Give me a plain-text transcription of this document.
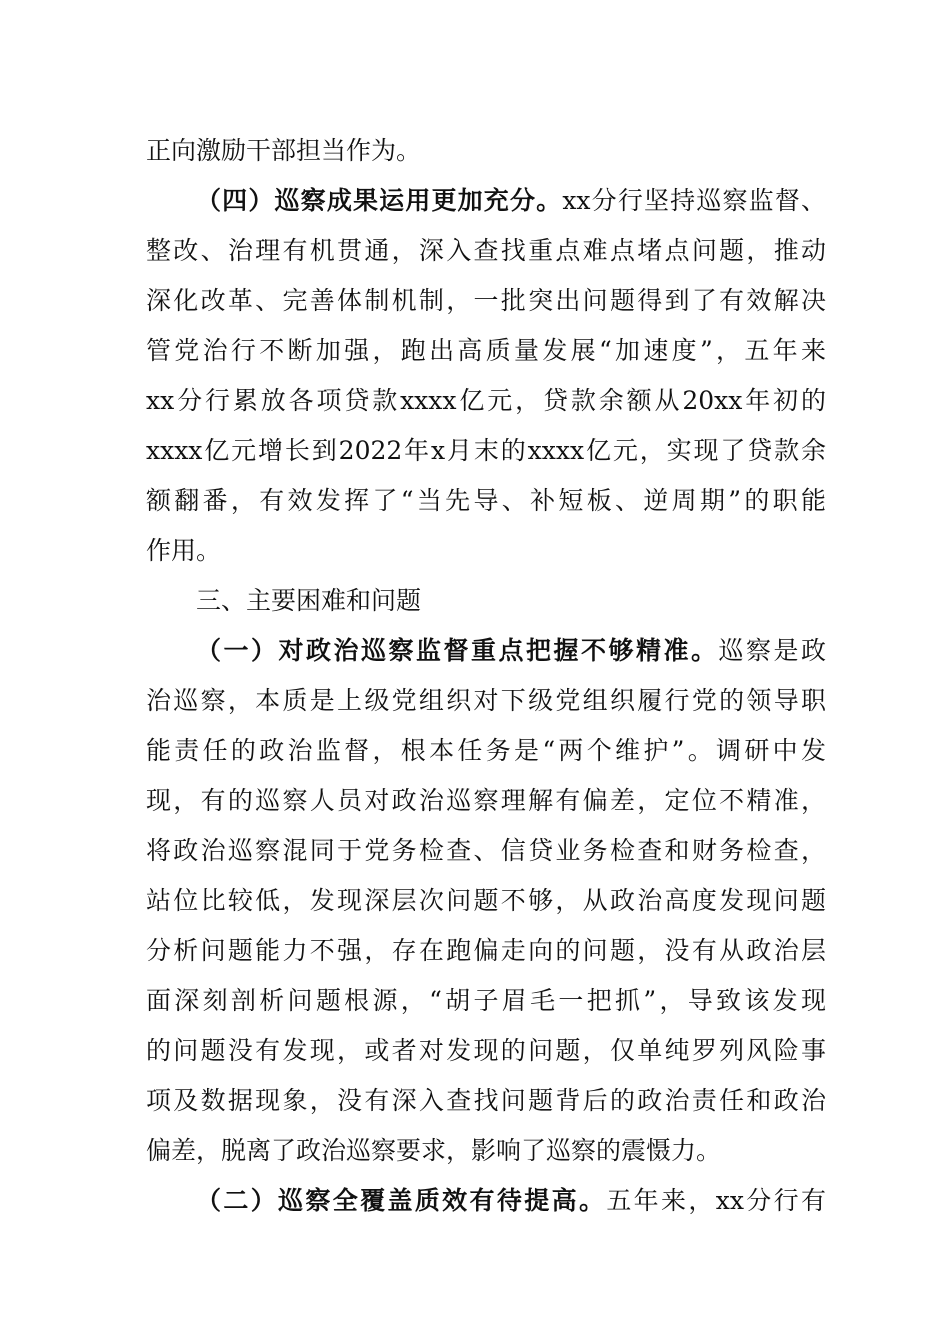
正向激励干部担当作为。
（四）巡察成果运用更加充分。xx分行坚持巡察监督、
整改、治理有机贯通，深入查找重点难点堵点问题，推动
深化改革、完善体制机制，一批突出问题得到了有效解决
管党治行不断加强，跑出高质量发展“加速度”，五年来
xx分行累放各项贷款xxxx亿元，贷款余额从20xx年初的
xxxx亿元增长到2022年x月末的xxxx亿元，实现了贷款余
额翻番，有效发挥了“当先导、补短板、逆周期”的职能
作用。
三、主要困难和问题
（一）对政治巡察监督重点把握不够精准。巡察是政
治巡察，本质是上级党组织对下级党组织履行党的领导职
能责任的政治监督，根本任务是“两个维护”。调研中发
现，有的巡察人员对政治巡察理解有偏差，定位不精准，
将政治巡察混同于党务检查、信贷业务检查和财务检查，
站位比较低，发现深层次问题不够，从政治高度发现问题
分析问题能力不强，存在跑偏走向的问题，没有从政治层
面深刻剖析问题根源，“胡子眉毛一把抓”，导致该发现
的问题没有发现，或者对发现的问题，仅单纯罗列风险事
项及数据现象，没有深入查找问题背后的政治责任和政治
偏差，脱离了政治巡察要求，影响了巡察的震慑力。
（二）巡察全覆盖质效有待提高。五年来，xx分行有
